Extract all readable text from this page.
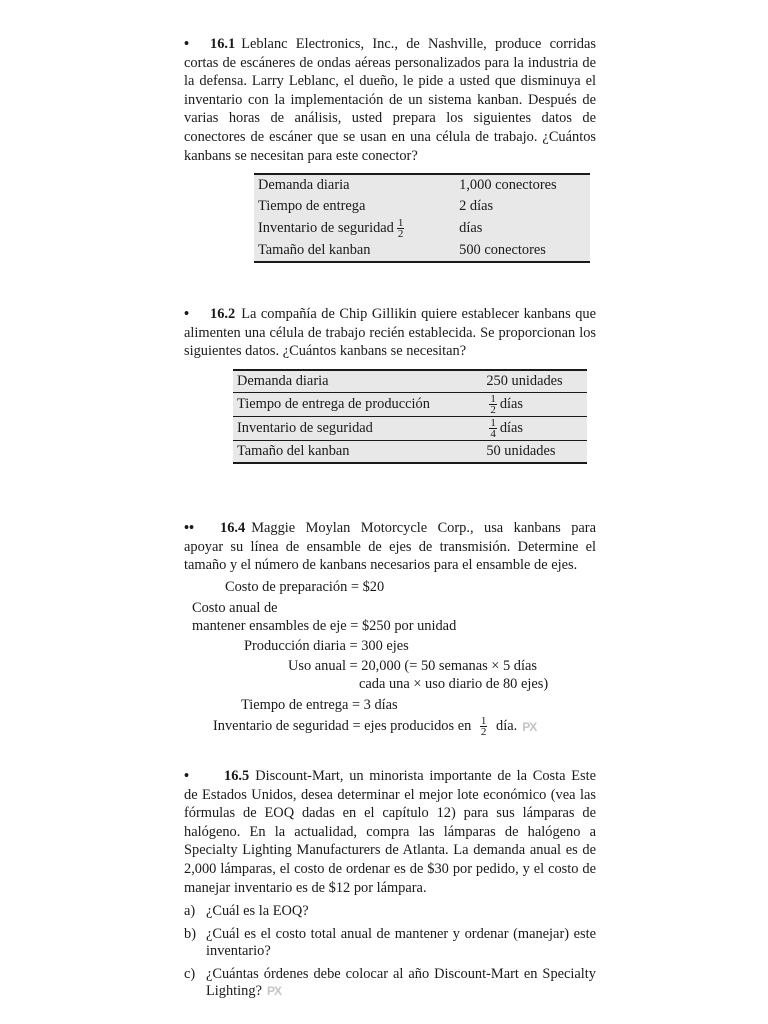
• 16.1 Leblanc Electronics, Inc., de Nashville, produce corridas cortas de escáneres de ondas aéreas personalizados para la industria de la defensa. Larry Leblanc, el dueño, le pide a usted que disminuya el inventario con la implementación de un sistema kanban. Después de varias horas de análisis, usted prepara los siguientes datos de conectores de escáner que se usan en una célula de trabajo. ¿Cuántos kanbans se necesitan para este conector?

Demanda diaria	1,000 conectores
Tiempo de entrega	2 días
Inventario de seguridad $\frac{1}{2}$	días
Tamaño del kanban	500 conectores

• 16.2 La compañía de Chip Gillikin quiere establecer kanbans que alimenten una célula de trabajo recién establecida. Se proporcionan los siguientes datos. ¿Cuántos kanbans se necesitan?

Demanda diaria	250 unidades
Tiempo de entrega de producción	$\frac{1}{2}$ días
Inventario de seguridad	$\frac{1}{4}$ días
Tamaño del kanban	50 unidades

•• 16.4 Maggie Moylan Motorcycle Corp., usa kanbans para apoyar su línea de ensamble de ejes de transmisión. Determine el tamaño y el número de kanbans necesarios para el ensamble de ejes.

Costo de preparación = $20
Costo anual de
mantener ensambles de eje = $250 por unidad
Producción diaria = 300 ejes
Uso anual = 20,000 (= 50 semanas × 5 días
cada una × uso diario de 80 ejes)
Tiempo de entrega = 3 días
Inventario de seguridad = ejes producidos en $\frac{1}{2}$ día. PX

• 16.5 Discount-Mart, un minorista importante de la Costa Este de Estados Unidos, desea determinar el mejor lote económico (vea las fórmulas de EOQ dadas en el capítulo 12) para sus lámparas de halógeno. En la actualidad, compra las lámparas de halógeno a Specialty Lighting Manufacturers de Atlanta. La demanda anual es de 2,000 lámparas, el costo de ordenar es de $30 por pedido, y el costo de manejar inventario es de $12 por lámpara.

a) ¿Cuál es la EOQ?
b) ¿Cuál es el costo total anual de mantener y ordenar (manejar) este inventario?
c) ¿Cuántas órdenes debe colocar al año Discount-Mart en Specialty Lighting? PX
